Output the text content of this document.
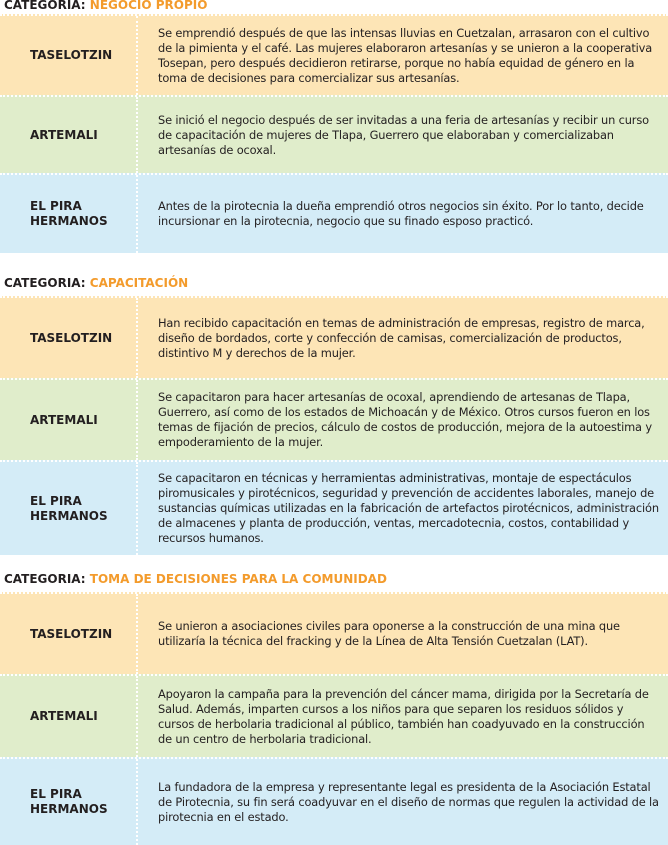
CATEGORIA: NEGOCIO PROPIO
TASELOTZIN
Se emprendió después de que las intensas lluvias en Cuetzalan, arrasaron con el cultivo de la pimienta y el café. Las mujeres elaboraron artesanías y se unieron a la cooperativa Tosepan, pero después decidieron retirarse, porque no había equidad de género en la toma de decisiones para comercializar sus artesanías.
ARTEMALI
Se inició el negocio después de ser invitadas a una feria de artesanías y recibir un curso de capacitación de mujeres de Tlapa, Guerrero que elaboraban y comercializaban artesanías de ocoxal.
EL PIRA HERMANOS
Antes de la pirotecnia la dueña emprendió otros negocios sin éxito. Por lo tanto, decide incursionar en la pirotecnia, negocio que su finado esposo practicó.
CATEGORIA: CAPACITACIÓN
TASELOTZIN
Han recibido capacitación en temas de administración de empresas, registro de marca, diseño de bordados, corte y confección de camisas, comercialización de productos, distintivo M y derechos de la mujer.
ARTEMALI
Se capacitaron para hacer artesanías de ocoxal, aprendiendo de artesanas de Tlapa, Guerrero, así como de los estados de Michoacán y de México. Otros cursos fueron en los temas de fijación de precios, cálculo de costos de producción, mejora de la autoestima y empoderamiento de la mujer.
EL PIRA HERMANOS
Se capacitaron en técnicas y herramientas administrativas, montaje de espectáculos piromusicales y pirotécnicos, seguridad y prevención de accidentes laborales, manejo de sustancias químicas utilizadas en la fabricación de artefactos pirotécnicos, administración de almacenes y planta de producción, ventas, mercadotecnia, costos, contabilidad y recursos humanos.
CATEGORIA: TOMA DE DECISIONES PARA LA COMUNIDAD
TASELOTZIN
Se unieron a asociaciones civiles para oponerse a la construcción de una mina que utilizaría la técnica del fracking y de la Línea de Alta Tensión Cuetzalan (LAT).
ARTEMALI
Apoyaron la campaña para la prevención del cáncer mama, dirigida por la Secretaría de Salud. Además, imparten cursos a los niños para que separen los residuos sólidos y cursos de herbolaria tradicional al público, también han coadyuvado en la construcción de un centro de herbolaria tradicional.
EL PIRA HERMANOS
La fundadora de la empresa y representante legal es presidenta de la Asociación Estatal de Pirotecnia, su fin será coadyuvar en el diseño de normas que regulen la actividad de la pirotecnia en el estado.
